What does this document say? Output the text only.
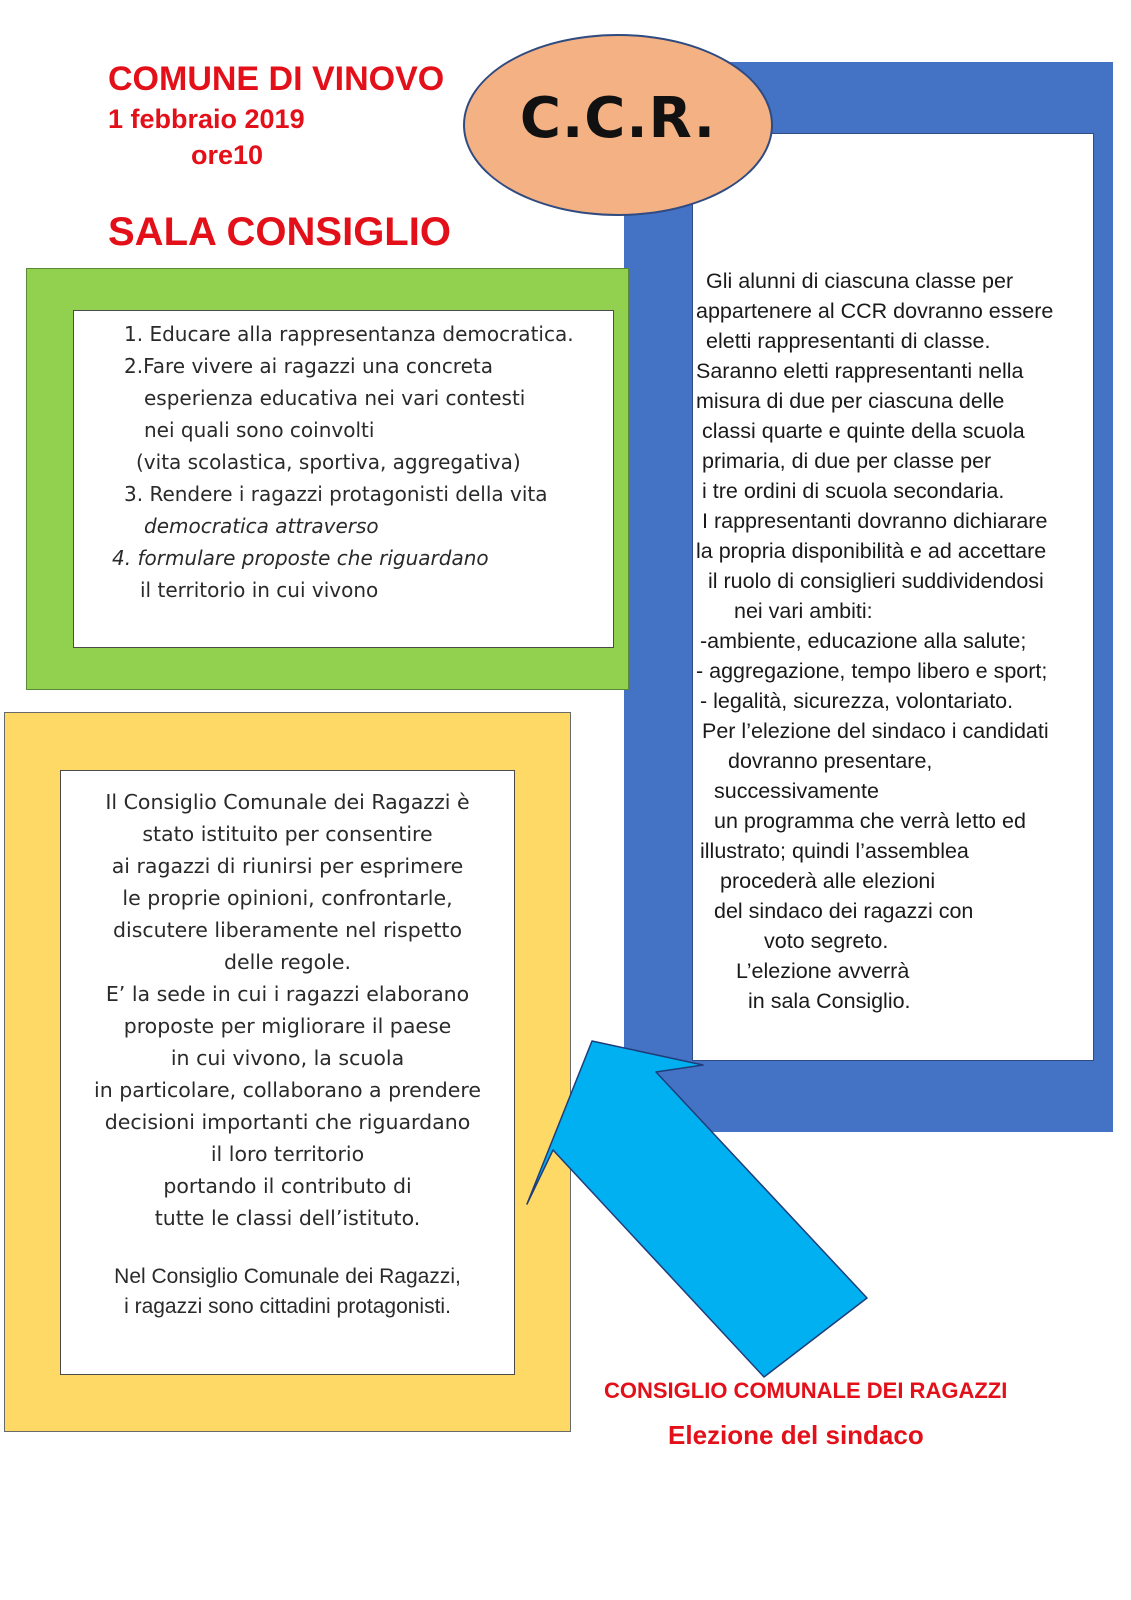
COMUNE DI VINOVO
1 febbraio 2019
ore10
SALA CONSIGLIO
Gli alunni di ciascuna classe per
appartenere al CCR dovranno essere
eletti rappresentanti di classe.
Saranno eletti rappresentanti nella
misura di due per ciascuna delle
classi quarte e quinte della scuola
primaria, di due per classe per
i tre ordini di scuola secondaria.
I rappresentanti dovranno dichiarare
la propria disponibilità e ad accettare
il ruolo di consiglieri suddividendosi
nei vari ambiti:
-ambiente, educazione alla salute;
- aggregazione, tempo libero e sport;
- legalità, sicurezza, volontariato.
Per l’elezione del sindaco i candidati
dovranno presentare,
successivamente
un programma che verrà letto ed
illustrato; quindi l’assemblea
procederà alle elezioni
del sindaco dei ragazzi con
voto segreto.
L’elezione avverrà
in sala Consiglio.
1. Educare alla rappresentanza democratica.
2.Fare vivere ai ragazzi una concreta
esperienza educativa nei vari contesti
nei quali sono coinvolti
(vita scolastica, sportiva, aggregativa)
3. Rendere i ragazzi protagonisti della vita
democratica attraverso
4. formulare proposte che riguardano
il territorio in cui vivono
Il Consiglio Comunale dei Ragazzi è
stato istituito per consentire
ai ragazzi di riunirsi per esprimere
le proprie opinioni, confrontarle,
discutere liberamente nel rispetto
delle regole.
E’ la sede in cui i ragazzi elaborano
proposte per migliorare il paese
in cui vivono, la scuola
in particolare, collaborano a prendere
decisioni importanti che riguardano
il loro territorio
portando il contributo di
tutte le classi dell’istituto.
Nel Consiglio Comunale dei Ragazzi,
i ragazzi sono cittadini protagonisti.
C.C.R.
CONSIGLIO COMUNALE DEI RAGAZZI
Elezione del sindaco
